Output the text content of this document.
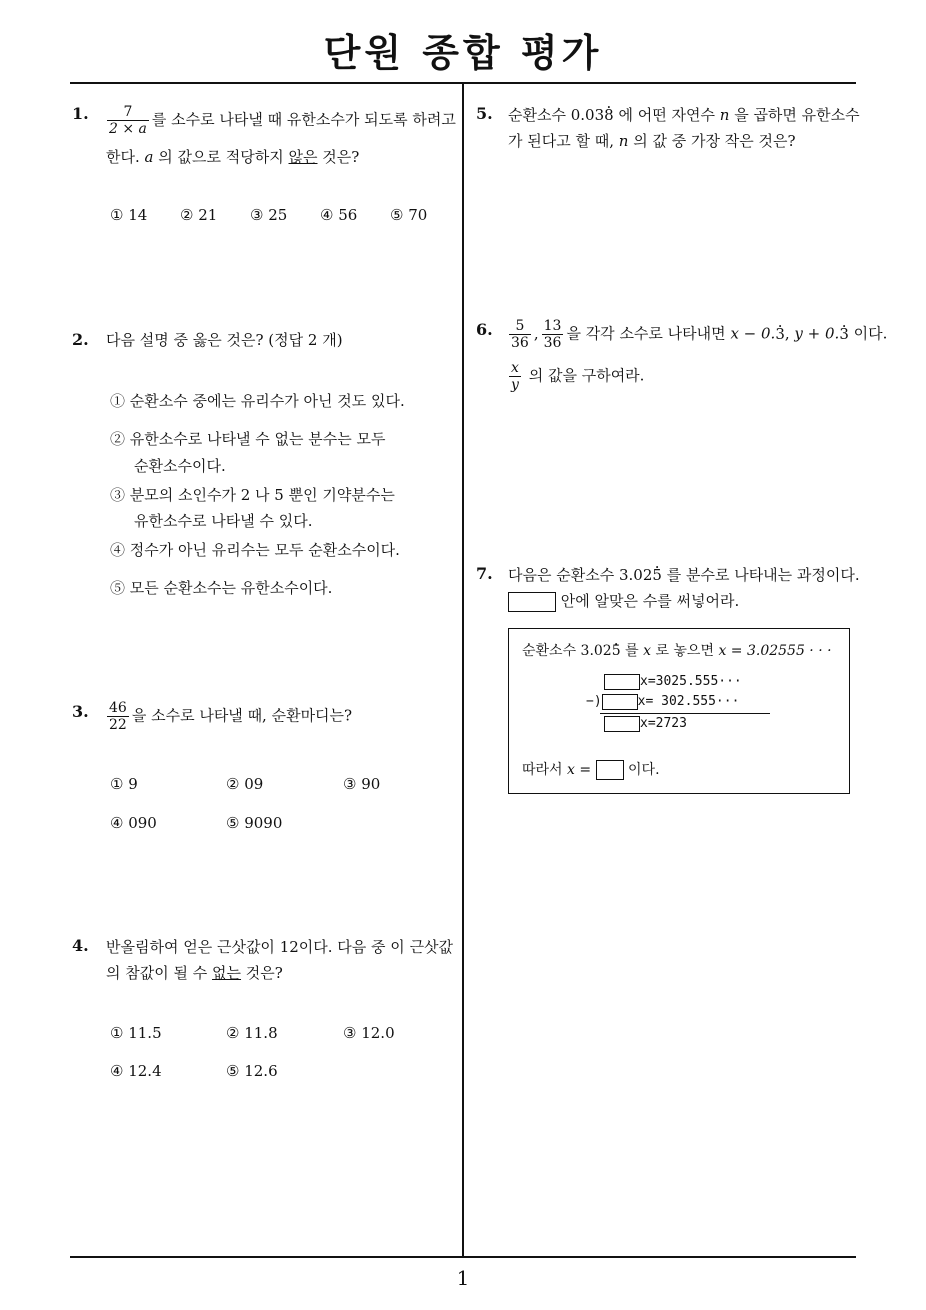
단원 종합 평가
1
1. $\frac{7}{2 \times a}$ 를 소수로 나타낼 때 유한소수가 되도록 하려고
한다. a 의 값으로 적당하지 않은 것은?
① 14 ② 21 ③ 25 ④ 56 ⑤ 70
2. 다음 설명 중 옳은 것은? (정답 2 개)
① 순환소수 중에는 유리수가 아닌 것도 있다.
② 유한소수로 나타낼 수 없는 분수는 모두
순환소수이다.
③ 분모의 소인수가 2 나 5 뿐인 기약분수는
유한소수로 나타낼 수 있다.
④ 정수가 아닌 유리수는 모두 순환소수이다.
⑤ 모든 순환소수는 유한소수이다.
3. $\frac{46}{22}$ 을 소수로 나타낼 때, 순환마디는?
① 9	② 09	③ 90
④ 090	⑤ 9090
4. 반올림하여 얻은 근삿값이 12이다. 다음 중 이 근삿값
의 참값이 될 수 없는 것은?
① 11.5	② 11.8	③ 12.0
④ 12.4	⑤ 12.6
5. 순환소수 0.038 · 에 어떤 자연수 n 을 곱하면 유한소수
가 된다고 할 때, n 의 값 중 가장 작은 것은?
6. $\frac{5}{36}$ , $\frac{13}{36}$ 을 각각 소수로 나타내면 x − 0.3 ·, y + 0.3 · 이다.
$\frac{x}{y}$ 의 값을 구하여라.
7. 다음은 순환소수 3.025 · 를 분수로 나타내는 과정이다.
안에 알맞은 수를 써넣어라.
순환소수 3.025 · 를 x 로 놓으면 x = 3.02555 · · ·
x=3025.555···
−)	x= 302.555···
x=2723
따라서 x =	이다.
